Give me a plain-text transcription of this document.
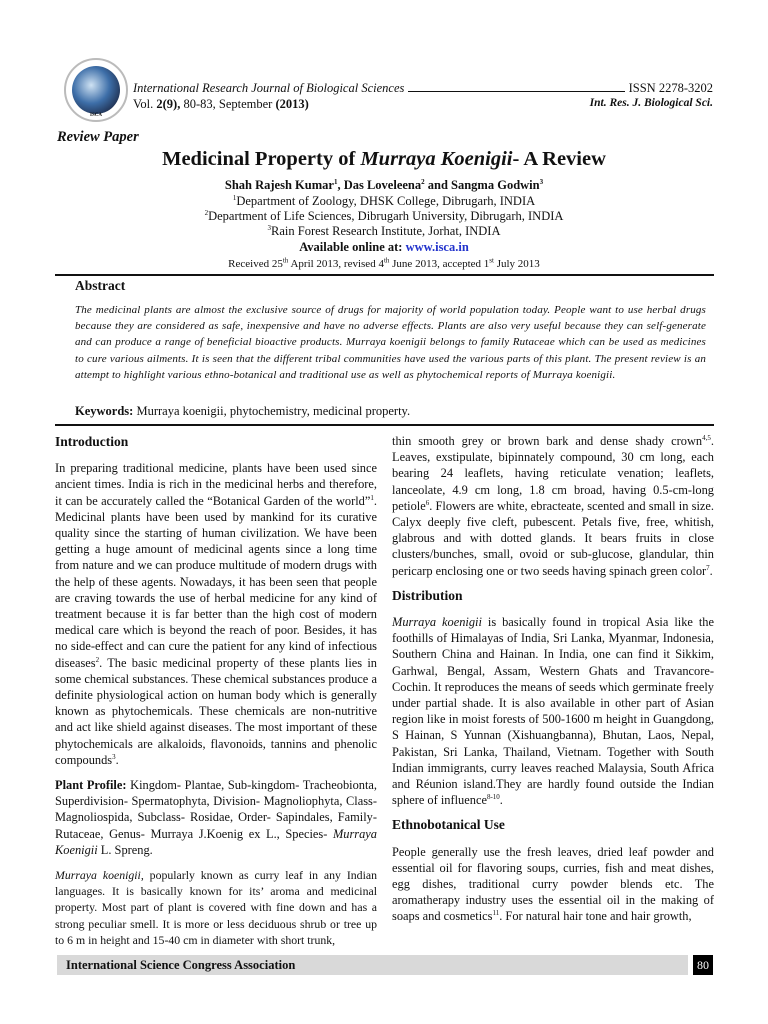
ISCA
International Research Journal of Biological Sciences	ISSN 2278-3202
Vol. 2(9), 80-83, September (2013)	Int. Res. J. Biological Sci.
Review Paper
Medicinal Property of Murraya Koenigii- A Review
Shah Rajesh Kumar$^1$, Das Loveleena$^2$ and Sangma Godwin$^3$
$^1$Department of Zoology, DHSK College, Dibrugarh, INDIA
$^2$Department of Life Sciences, Dibrugarh University, Dibrugarh, INDIA
$^3$Rain Forest Research Institute, Jorhat, INDIA
Available online at: www.isca.in
Received 25th April 2013, revised 4th June 2013, accepted 1st July 2013
Abstract
The medicinal plants are almost the exclusive source of drugs for majority of world population today. People want to use herbal drugs because they are considered as safe, inexpensive and have no adverse effects. Plants are also very useful because they can self-generate and can produce a range of beneficial bioactive products. Murraya koenigii belongs to family Rutaceae which can be used as medicines to cure various ailments. It is seen that the different tribal communities have used the various parts of this plant. The present review is an attempt to highlight various ethno-botanical and traditional use as well as phytochemical reports of Murraya koenigii.
Keywords: Murraya koenigii, phytochemistry, medicinal property.
Introduction

In preparing traditional medicine, plants have been used since ancient times. India is rich in the medicinal herbs and therefore, it can be accurately called the “Botanical Garden of the world”$^1$. Medicinal plants have been used by mankind for its curative quality since the starting of human civilization. We have been getting a huge amount of medicinal agents since a long time from nature and we can produce multitude of modern drugs with the help of these agents. Nowadays, it has been seen that people are craving towards the use of herbal medicine for any kind of treatment because it is far better than the high cost of modern medical care which is beyond the reach of poor. Besides, it has no side-effect and can cure the patient for any kind of infectious diseases$^2$. The basic medicinal property of these plants lies in some chemical substances. These chemical substances produce a definite physiological action on human body which is generally known as phytochemicals. These chemicals are non-nutritive and act like shield against diseases. The most important of these phytochemicals are alkaloids, flavonoids, tannins and phenolic compounds$^3$.

Plant Profile: Kingdom- Plantae, Sub-kingdom- Tracheobionta, Superdivision- Spermatophyta, Division- Magnoliophyta, Class- Magnoliospida, Subclass- Rosidae, Order- Sapindales, Family- Rutaceae, Genus- Murraya J.Koenig ex L., Species- Murraya Koenigii L. Spreng.

Murraya koenigii, popularly known as curry leaf in any Indian languages. It is basically known for its’ aroma and medicinal property. Most part of plant is covered with fine down and has a strong peculiar smell. It is more or less deciduous shrub or tree up to 6 m in height and 15-40 cm in diameter with short trunk,

thin smooth grey or brown bark and dense shady crown$^{4,5}$. Leaves, exstipulate, bipinnately compound, 30 cm long, each bearing 24 leaflets, having reticulate venation; leaflets, lanceolate, 4.9 cm long, 1.8 cm broad, having 0.5-cm-long petiole$^6$. Flowers are white, ebracteate, scented and small in size. Calyx deeply five cleft, pubescent. Petals five, free, whitish, glabrous and with dotted glands. It bears fruits in close clusters/bunches, small, ovoid or sub-glucose, glandular, thin pericarp enclosing one or two seeds having spinach green color$^7$.

Distribution

Murraya koenigii is basically found in tropical Asia like the foothills of Himalayas of India, Sri Lanka, Myanmar, Indonesia, Southern China and Hainan. In India, one can find it Sikkim, Garhwal, Bengal, Assam, Western Ghats and Travancore-Cochin. It reproduces the means of seeds which germinate freely under partial shade. It is also available in other part of Asian region like in moist forests of 500-1600 m height in Guangdong, S Hainan, S Yunnan (Xishuangbanna), Bhutan, Laos, Nepal, Pakistan, Sri Lanka, Thailand, Vietnam. Together with South Indian immigrants, curry leaves reached Malaysia, South Africa and Réunion island.They are hardly found outside the Indian sphere of influence$^{8-10}$.

Ethnobotanical Use

People generally use the fresh leaves, dried leaf powder and essential oil for flavoring soups, curries, fish and meat dishes, egg dishes, traditional curry powder blends etc. The aromatherapy industry uses the essential oil in the making of soaps and cosmetics$^{11}$. For natural hair tone and hair growth,

International Science Congress Association	80
